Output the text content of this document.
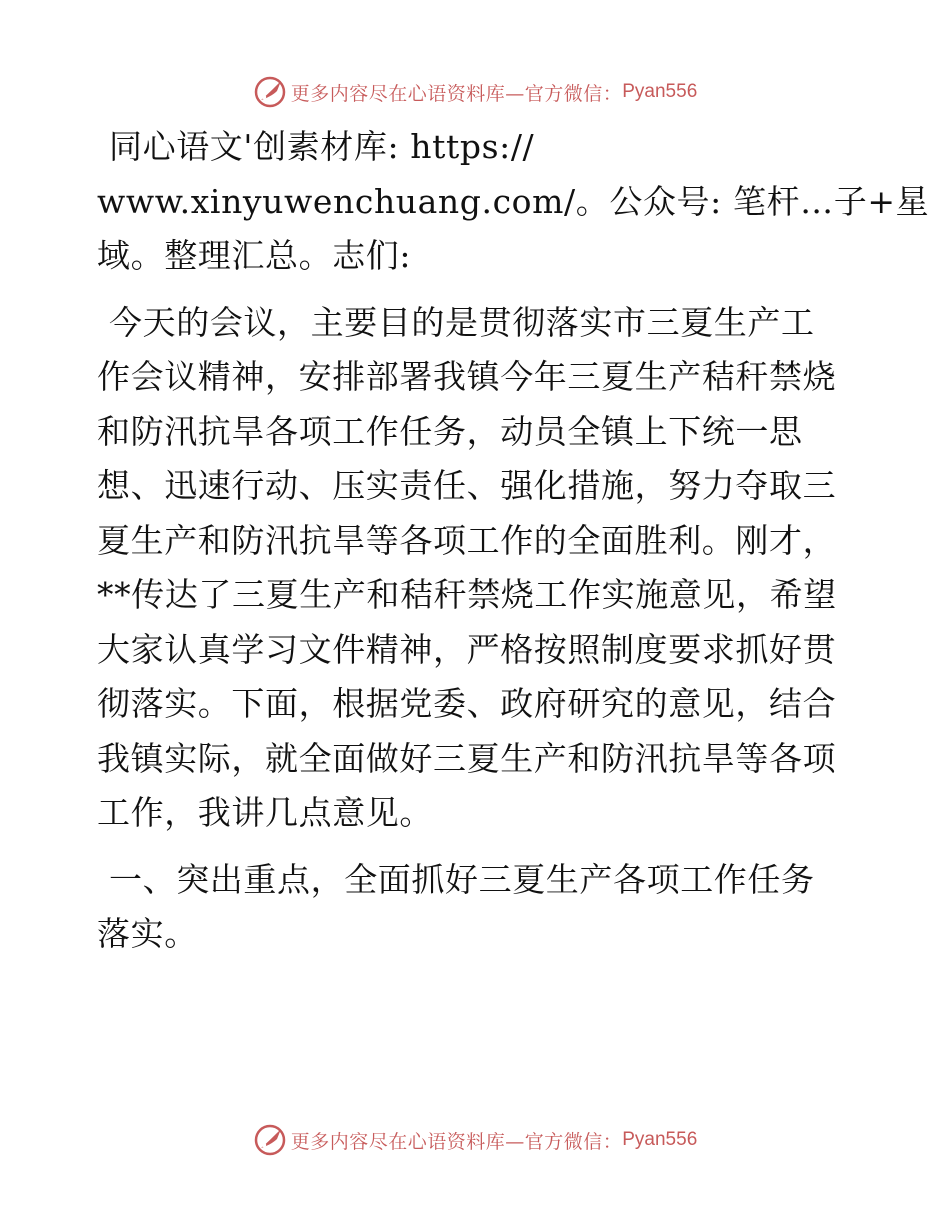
更多内容尽在心语资料库— 官方微信： Pyan556
同心语文'创素材库: https://
www.xinyuwenchuang.com/。公众号: 笔杆…子+星
域。整理汇总。志们:
今天的会议，主要目的是贯彻落实市三夏生产工
作会议精神，安排部署我镇今年三夏生产秸秆禁烧
和防汛抗旱各项工作任务，动员全镇上下统一思
想、迅速行动、压实责任、强化措施，努力夺取三
夏生产和防汛抗旱等各项工作的全面胜利。刚才，
**传达了三夏生产和秸秆禁烧工作实施意见，希望
大家认真学习文件精神，严格按照制度要求抓好贯
彻落实。下面，根据党委、政府研究的意见，结合
我镇实际，就全面做好三夏生产和防汛抗旱等各项
工作，我讲几点意见。
一、突出重点，全面抓好三夏生产各项工作任务
落实。
更多内容尽在心语资料库— 官方微信： Pyan556
